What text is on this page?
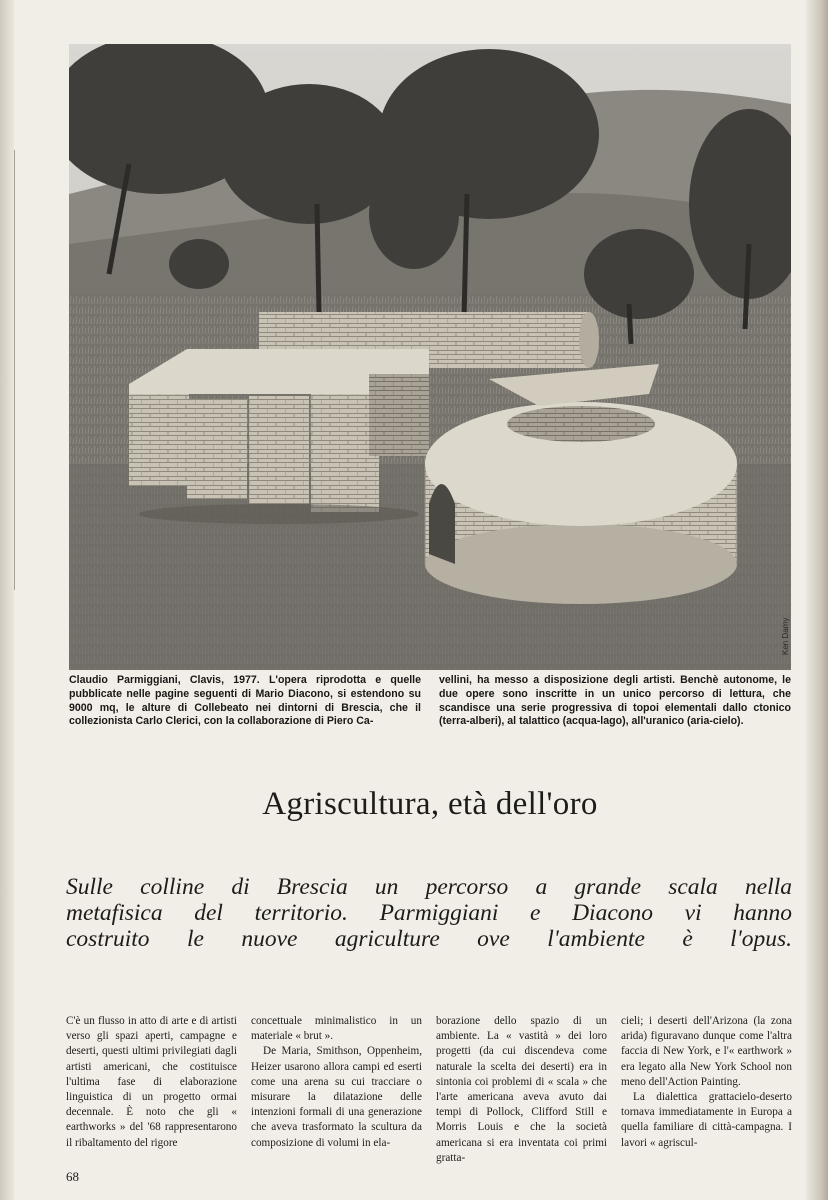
Ken Damy

Claudio Parmiggiani, Clavis, 1977. L'opera riprodotta e quelle pubblicate nelle pagine seguenti di Mario Diacono, si estendono su 9000 mq, le alture di Collebeato nei dintorni di Brescia, che il collezionista Carlo Clerici, con la collaborazione di Piero Ca-

vellini, ha messo a disposizione degli artisti. Benchè autonome, le due opere sono inscritte in un unico percorso di lettura, che scandisce una serie progressiva di topoi elementali dallo ctonico (terra-alberi), al talattico (acqua-lago), all'uranico (aria-cielo).

Agriscultura, età dell'oro
Sulle colline di Brescia un percorso a grande scala nella
metafisica del territorio. Parmiggiani e Diacono vi hanno
costruito le nuove agriculture ove l'ambiente è l'opus.

C'è un flusso in atto di arte e di artisti verso gli spazi aperti, campagne e deserti, questi ultimi privilegiati dagli artisti americani, che costituisce l'ultima fase di elaborazione linguistica di un progetto ormai decennale. È noto che gli « earthworks » del '68 rappresentarono il ribaltamento del rigore

concettuale minimalistico in un materiale « brut ».

De Maria, Smithson, Oppenheim, Heizer usarono allora campi ed eserti come una arena su cui tracciare o misurare la dilatazione delle intenzioni formali di una generazione che aveva trasformato la scultura da composizione di volumi in ela-

borazione dello spazio di un ambiente. La « vastità » dei loro progetti (da cui discendeva come naturale la scelta dei deserti) era in sintonia coi problemi di « scala » che l'arte americana aveva avuto dai tempi di Pollock, Clifford Still e Morris Louis e che la società americana si era inventata coi primi gratta-

cieli; i deserti dell'Arizona (la zona arida) figuravano dunque come l'altra faccia di New York, e l'« earthwork » era legato alla New York School non meno dell'Action Painting.

La dialettica grattacielo-deserto tornava immediatamente in Europa a quella familiare di città-campagna. I lavori « agriscul-

68
